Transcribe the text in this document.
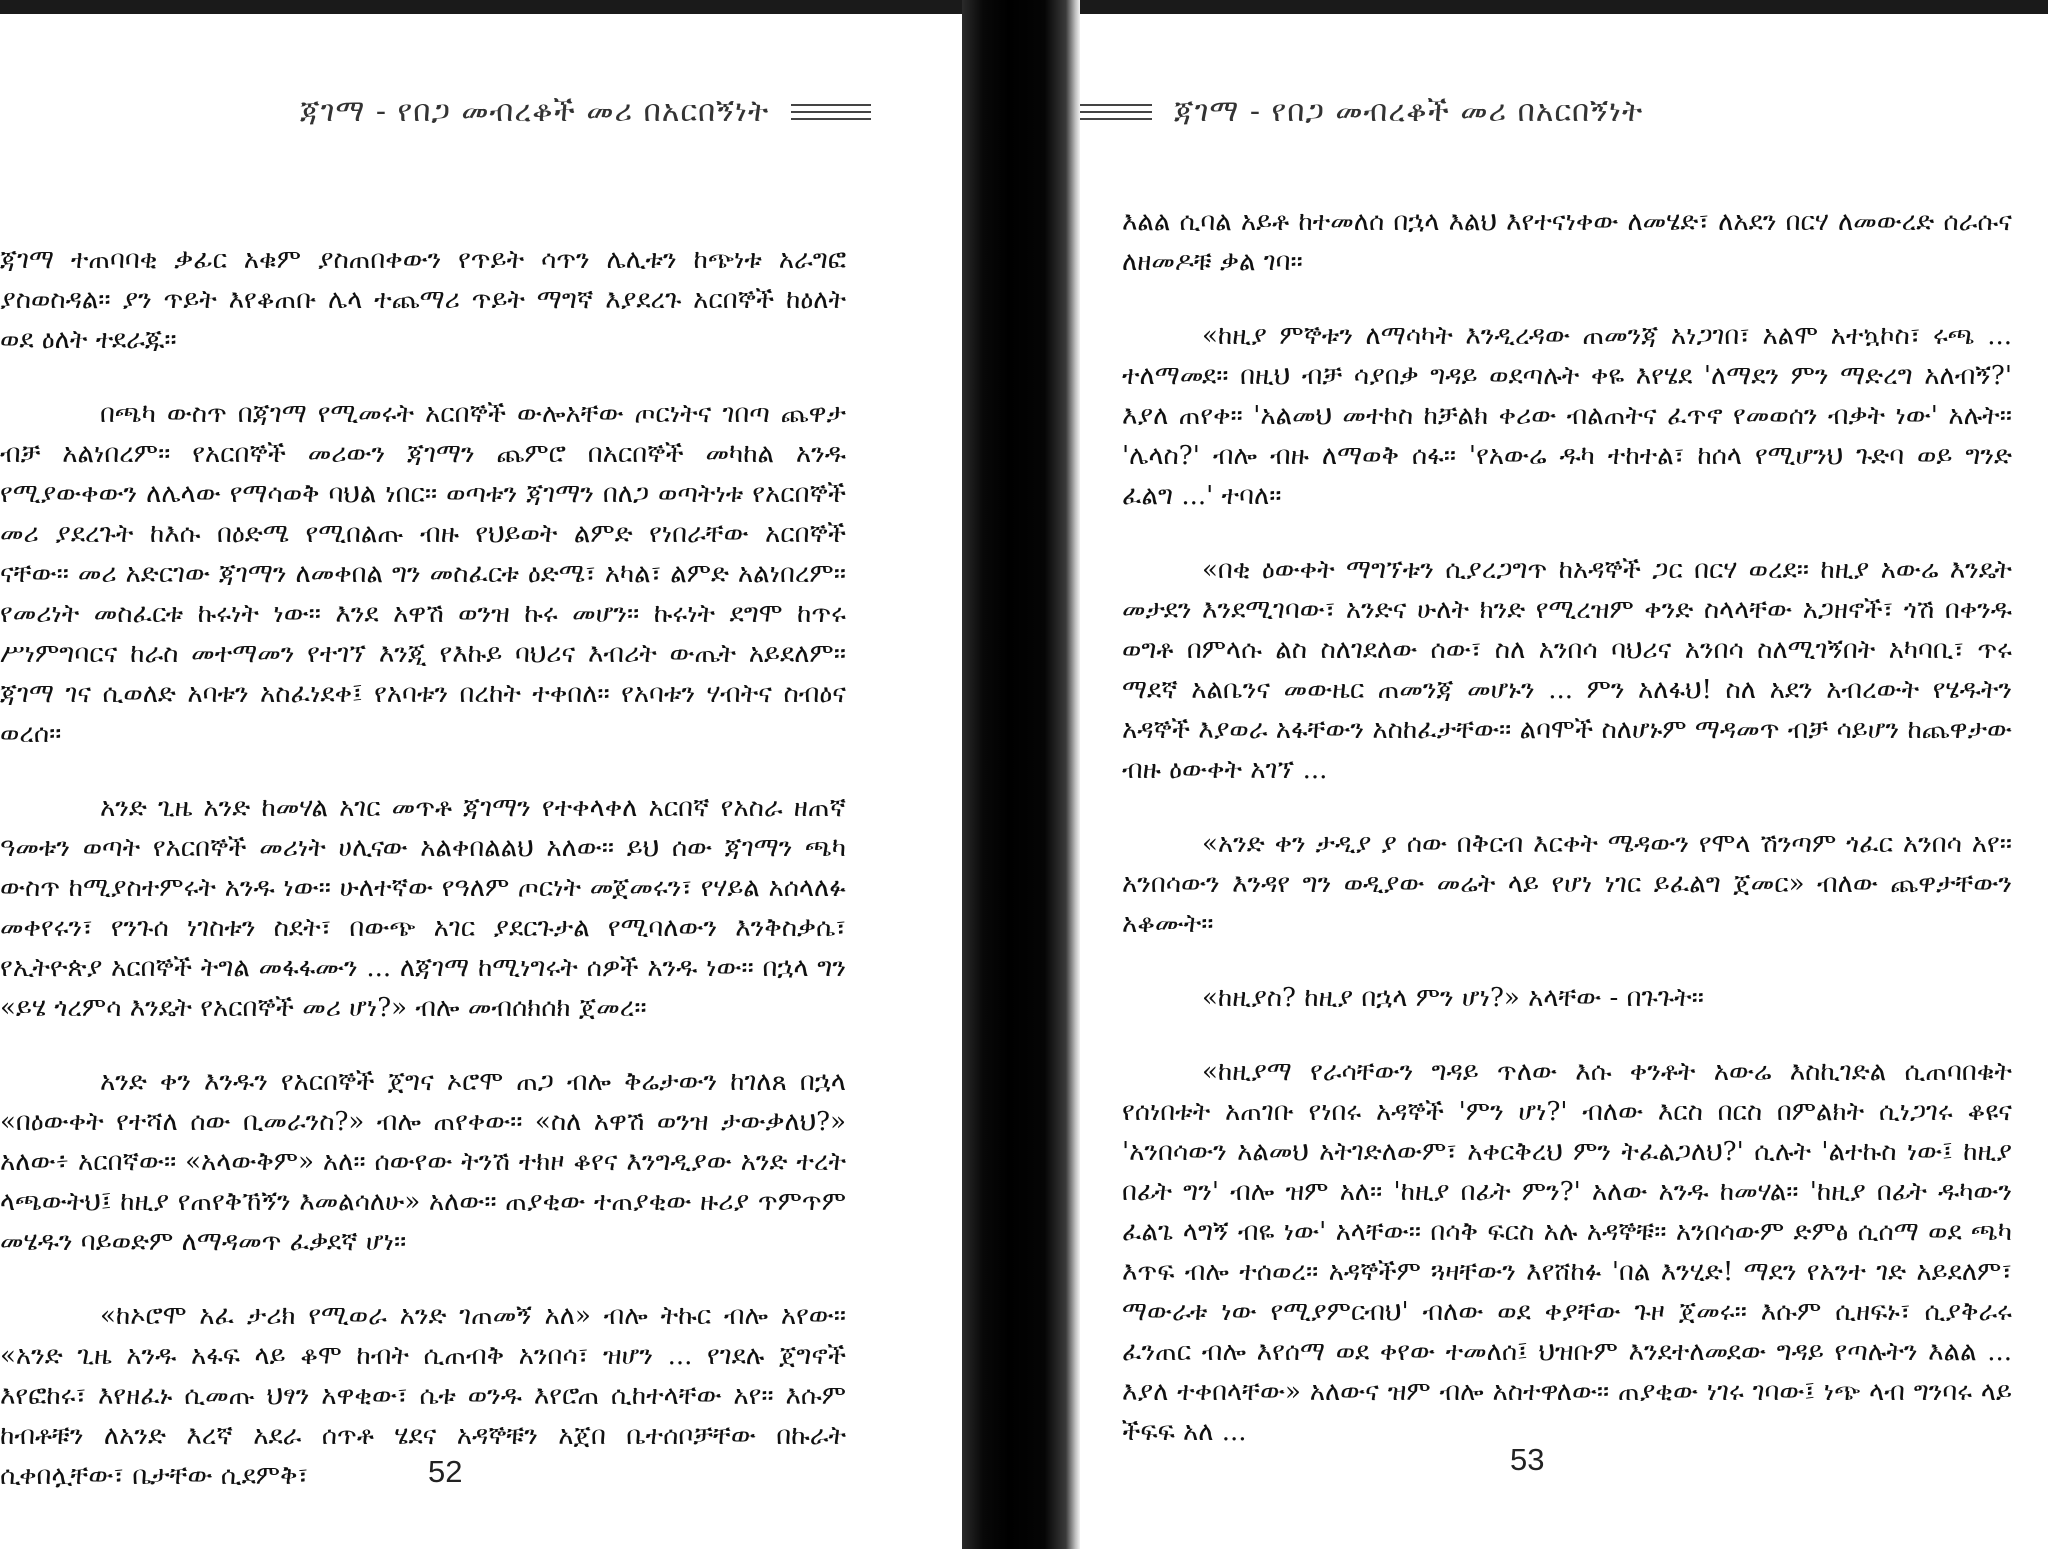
ጃገማ - የበጋ መብረቆች መሪ በአርበኝነት

ጃገማ ተጠባባቂ ቃፊር አቁም ያስጠበቀውን የጥይት ሳጥን ሌሊቱን ከጭነቱ አራግፎ ያስወስዳል፡፡ ያን ጥይት እየቆጠቡ ሌላ ተጨማሪ ጥይት ማግኛ እያደረጉ አርበኞች ከዕለት ወደ ዕለት ተደራጁ፡፡

በጫካ ውስጥ በጃገማ የሚመሩት አርበኞች ውሎአቸው ጦርነትና ገበጣ ጨዋታ ብቻ አልነበረም፡፡ የአርበኞች መሪውን ጃገማን ጨምሮ በአርበኞች መካከል አንዱ የሚያውቀውን ለሌላው የማሳወቅ ባህል ነበር፡፡ ወጣቱን ጃገማን በለጋ ወጣትነቱ የአርበኞች መሪ ያደረጉት ከእሱ በዕድሜ የሚበልጡ ብዙ የህይወት ልምድ የነበራቸው አርበኞች ናቸው፡፡ መሪ አድርገው ጃገማን ለመቀበል ግን መስፈርቱ ዕድሜ፣ አካል፣ ልምድ አልነበረም፡፡ የመሪነት መስፈርቱ ኩሩነት ነው፡፡ እንደ አዋሽ ወንዝ ኩሩ መሆን፡፡ ኩሩነት ደግሞ ከጥሩ ሥነምግባርና ከራስ መተማመን የተገኘ እንጂ የእኩይ ባህሪና እብሪት ውጤት አይደለም፡፡ ጃገማ ገና ሲወለድ አባቱን አስፈነደቀ፤ የአባቱን በረከት ተቀበለ፡፡ የአባቱን ሃብትና ስብዕና ወረሰ፡፡

አንድ ጊዜ አንድ ከመሃል አገር መጥቶ ጃገማን የተቀላቀለ አርበኛ የአስራ ዘጠኛ ዓመቱን ወጣት የአርበኞች መሪነት ሀሊናው አልቀበልልህ አለው፡፡ ይህ ሰው ጃገማን ጫካ ውስጥ ከሚያስተምሩት አንዱ ነው፡፡ ሁለተኛው የዓለም ጦርነት መጀመሩን፣ የሃይል አሰላለፉ መቀየሩን፣ የንጉሰ ነገስቱን ስደት፣ በውጭ አገር ያደርጉታል የሚባለውን እንቅስቃሴ፣ የኢትዮጵያ አርበኞች ትግል መፋፋሙን ... ለጃገማ ከሚነግሩት ሰዎች አንዱ ነው፡፡ በኋላ ግን «ይሄ ጎረምሳ እንዴት የአርበኞች መሪ ሆነ?» ብሎ መብሰክሰክ ጀመረ፡፡

አንድ ቀን እንዱን የአርበኞች ጀግና ኦሮሞ ጠጋ ብሎ ቅሬታውን ከገለጸ በኋላ «በዕውቀት የተሻለ ሰው ቢመራንስ?» ብሎ ጠየቀው፡፡ «ስለ አዋሽ ወንዝ ታውቃለህ?» አለው፥ አርበኛው፡፡ «አላውቅም» አለ፡፡ ሰውየው ትንሽ ተክዞ ቆየና እንግዲያው አንድ ተረት ላጫውትህ፤ ከዚያ የጠየቅኸኝን እመልሳለሁ» አለው፡፡ ጠያቂው ተጠያቂው ዙሪያ ጥምጥም መሄዱን ባይወድም ለማዳመጥ ፈቃደኛ ሆነ፡፡

«ከኦሮሞ አፈ ታሪክ የሚወራ አንድ ገጠመኝ አለ» ብሎ ትኩር ብሎ አየው፡፡ «አንድ ጊዜ አንዱ አፋፍ ላይ ቆሞ ከብት ሲጠብቅ አንበሳ፣ ዝሆን ... የገደሉ ጀግኖች እየፎከሩ፣ እየዘፈኑ ሲመጡ ህፃን አዋቂው፣ ሴቱ ወንዱ እየሮጠ ሲከተላቸው አየ፡፡ እሱም ከብቶቹን ለአንድ እረኛ አደራ ሰጥቶ ሄደና አዳኞቹን አጀበ ቤተሰቦቻቸው በኩራት ሲቀበሏቸው፣ ቤታቸው ሲደምቅ፣	52
ጃገማ - የበጋ መብረቆች መሪ በአርበኝነት

እልል ሲባል አይቶ ከተመለሰ በኋላ እልህ እየተናነቀው ለመሄድ፣ ለአደን በርሃ ለመውረድ ሰራሱና ለዘመዶቹ ቃል ገባ፡፡

«ከዚያ ምኞቱን ለማሳካት እንዲረዳው ጠመንጃ አነጋገበ፣ አልሞ አተኳኮስ፣ ሩጫ ... ተለማመደ፡፡ በዚህ ብቻ ሳያበቃ ግዳይ ወደጣሉት ቀዬ እየሄደ 'ለማደን ምን ማድረግ አለብኝ?' እያለ ጠየቀ፡፡ 'አልመህ መተኮስ ከቻልክ ቀሪው ብልጠትና ፈጥኖ የመወሰን ብቃት ነው' አሉት፡፡ 'ሌላስ?' ብሎ ብዙ ለማወቅ ሰፋ፡፡ 'የአውሬ ዱካ ተከተል፣ ከሰላ የሚሆንህ ጉድባ ወይ ግንድ ፈልግ ...' ተባለ፡፡

«በቂ ዕውቀት ማግኘቱን ሲያረጋግጥ ከአዳኞች ጋር በርሃ ወረደ፡፡ ከዚያ አውሬ እንዴት መታደን እንደሚገባው፣ አንድና ሁለት ክንድ የሚረዝም ቀንድ ስላላቸው አጋዘኖች፣ ጎሽ በቀንዱ ወግቶ በምላሱ ልስ ስለገደለው ሰው፣ ስለ አንበሳ ባህሪና አንበሳ ስለሚገኝበት አካባቢ፣ ጥሩ ማደኛ አልቤንና መውዜር ጠመንጃ መሆኑን ... ምን አለፋህ! ስለ አደን አብረውት የሄዱትን አዳኞች እያወራ አፋቸውን አስከፈታቸው፡፡ ልባሞች ስለሆኑም ማዳመጥ ብቻ ሳይሆን ከጨዋታው ብዙ ዕውቀት አገኘ ...

«አንድ ቀን ታዲያ ያ ሰው በቅርብ እርቀት ሜዳውን የሞላ ሽንጣም ጎፈር አንበሳ አየ፡፡ አንበሳውን እንዳየ ግን ወዲያው መሬት ላይ የሆነ ነገር ይፈልግ ጀመር» ብለው ጨዋታቸውን አቆሙት፡፡

«ከዚያስ? ከዚያ በኋላ ምን ሆነ?» አላቸው - በጉጉት፡፡

«ከዚያማ የራሳቸውን ግዳይ ጥለው እሱ ቀንቶት አውሬ እስኪገድል ሲጠባበቁት የሰነበቱት አጠገቡ የነበሩ አዳኞች 'ምን ሆነ?' ብለው እርስ በርስ በምልክት ሲነጋገሩ ቆዩና 'አንበሳውን አልመህ አትገድለውም፣ አቀርቅረህ ምን ትፈልጋለህ?' ሲሉት 'ልተኩስ ነው፤ ከዚያ በፊት ግን' ብሎ ዝም አለ፡፡ 'ከዚያ በፊት ምን?' አለው አንዱ ከመሃል፡፡ 'ከዚያ በፊት ዱካውን ፈልጌ ላግኝ ብዬ ነው' አላቸው፡፡ በሳቅ ፍርስ አሉ አዳኞቹ፡፡ አንበሳውም ድምፅ ሲሰማ ወደ ጫካ እጥፍ ብሎ ተሰወረ፡፡ አዳኞችም ጓዛቸውን እየሸከፉ 'በል እንሂድ! ማደን የአንተ ገድ አይደለም፣ ማውራቱ ነው የሚያምርብህ' ብለው ወደ ቀያቸው ጉዞ ጀመሩ፡፡ እሱም ሲዘፍኑ፣ ሲያቅራሩ ፈንጠር ብሎ እየሰማ ወደ ቀየው ተመለሰ፤ ህዝቡም እንደተለመደው ግዳይ የጣሉትን እልል ... እያለ ተቀበላቸው» አለውና ዝም ብሎ አስተዋለው፡፡ ጠያቂው ነገሩ ገባው፤ ነጭ ላብ ግንባሩ ላይ ችፍፍ አለ ...

53
